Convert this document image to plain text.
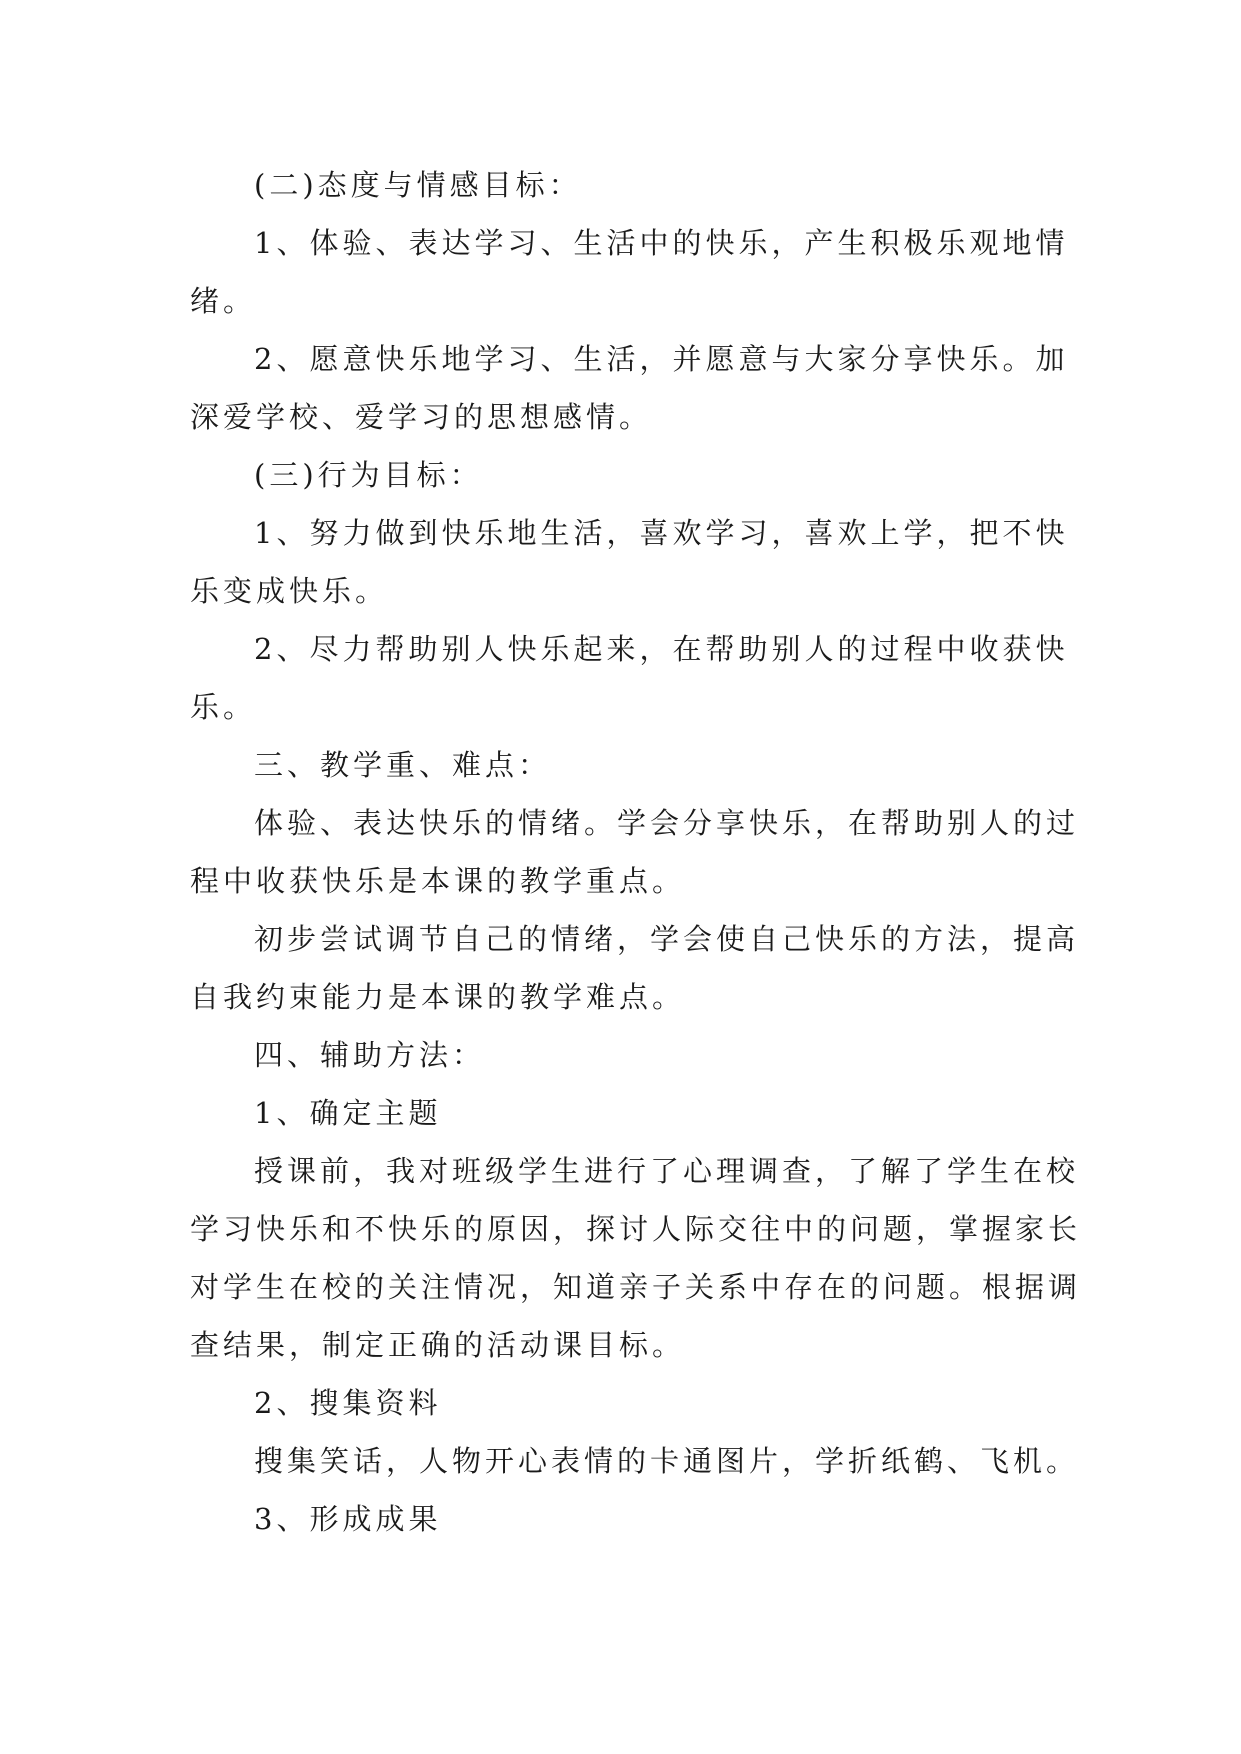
(二)态度与情感目标：

1、体验、表达学习、生活中的快乐，产生积极乐观地情绪。

2、愿意快乐地学习、生活，并愿意与大家分享快乐。加深爱学校、爱学习的思想感情。

(三)行为目标：

1、努力做到快乐地生活，喜欢学习，喜欢上学，把不快乐变成快乐。

2、尽力帮助别人快乐起来，在帮助别人的过程中收获快乐。

三、教学重、难点：

体验、表达快乐的情绪。学会分享快乐，在帮助别人的过程中收获快乐是本课的教学重点。

初步尝试调节自己的情绪，学会使自己快乐的方法，提高自我约束能力是本课的教学难点。

四、辅助方法：

1、确定主题

授课前，我对班级学生进行了心理调查，了解了学生在校学习快乐和不快乐的原因，探讨人际交往中的问题，掌握家长对学生在校的关注情况，知道亲子关系中存在的问题。根据调查结果，制定正确的活动课目标。

2、搜集资料

搜集笑话，人物开心表情的卡通图片，学折纸鹤、飞机。

3、形成成果
